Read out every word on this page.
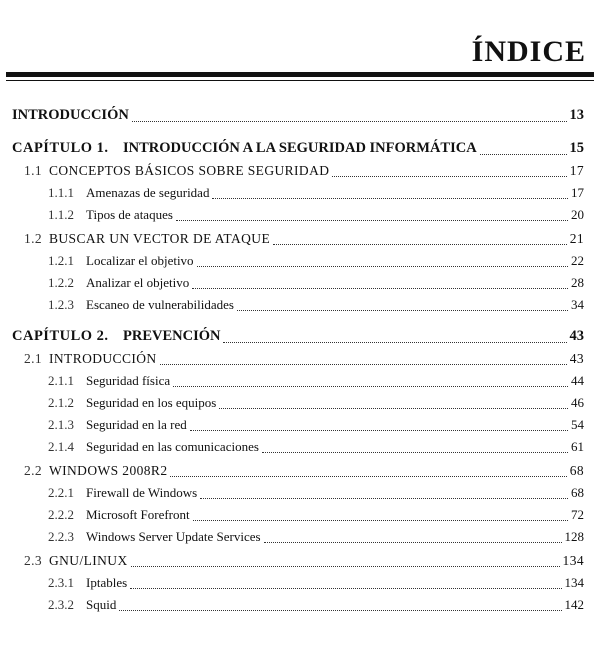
ÍNDICE
INTRODUCCIÓN	13
CAPÍTULO 1. INTRODUCCIÓN A LA SEGURIDAD INFORMÁTICA	15
1.1 CONCEPTOS BÁSICOS SOBRE SEGURIDAD	17
1.1.1 Amenazas de seguridad	17
1.1.2 Tipos de ataques	20
1.2 BUSCAR UN VECTOR DE ATAQUE	21
1.2.1 Localizar el objetivo	22
1.2.2 Analizar el objetivo	28
1.2.3 Escaneo de vulnerabilidades	34
CAPÍTULO 2. PREVENCIÓN	43
2.1 INTRODUCCIÓN	43
2.1.1 Seguridad física	44
2.1.2 Seguridad en los equipos	46
2.1.3 Seguridad en la red	54
2.1.4 Seguridad en las comunicaciones	61
2.2 WINDOWS 2008R2	68
2.2.1 Firewall de Windows	68
2.2.2 Microsoft Forefront	72
2.2.3 Windows Server Update Services	128
2.3 GNU/LINUX	134
2.3.1 Iptables	134
2.3.2 Squid	142
